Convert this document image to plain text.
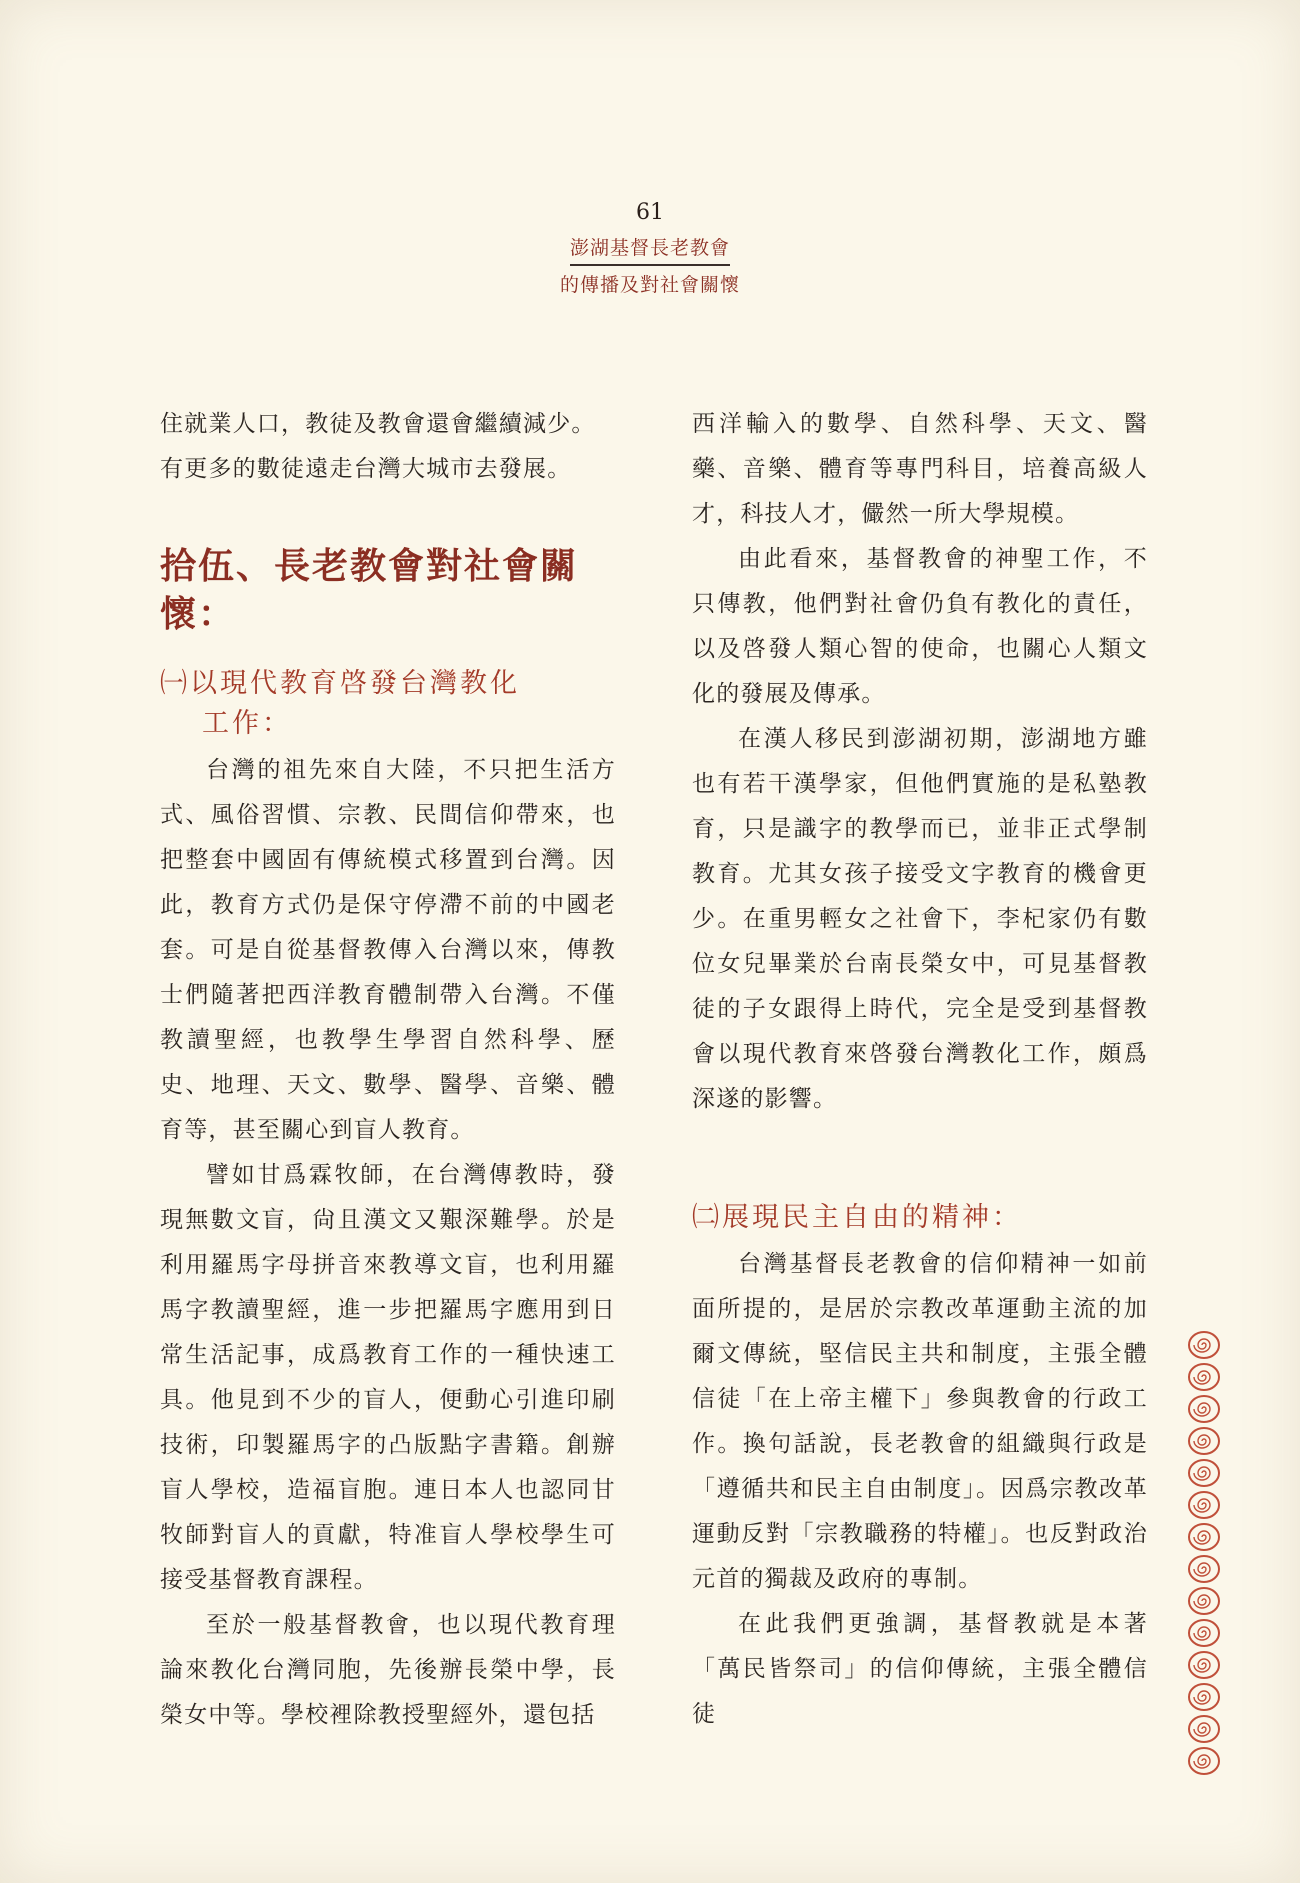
61
澎湖基督長老教會
的傳播及對社會關懷

住就業人口，教徒及教會還會繼續減少。

有更多的數徒遠走台灣大城市去發展。

拾伍、長老教會對社會關懷：
㈠以現代教育啓發台灣教化
工作：

台灣的祖先來自大陸，不只把生活方式、風俗習慣、宗教、民間信仰帶來，也把整套中國固有傳統模式移置到台灣。因此，教育方式仍是保守停滯不前的中國老套。可是自從基督教傳入台灣以來，傳教士們隨著把西洋教育體制帶入台灣。不僅教讀聖經，也教學生學習自然科學、歷史、地理、天文、數學、醫學、音樂、體育等，甚至關心到盲人教育。

譬如甘爲霖牧師，在台灣傳教時，發現無數文盲，尙且漢文又艱深難學。於是利用羅馬字母拼音來教導文盲，也利用羅馬字教讀聖經，進一步把羅馬字應用到日常生活記事，成爲教育工作的一種快速工具。他見到不少的盲人，便動心引進印刷技術，印製羅馬字的凸版點字書籍。創辦盲人學校，造福盲胞。連日本人也認同甘牧師對盲人的貢獻，特准盲人學校學生可接受基督教育課程。

至於一般基督教會，也以現代教育理論來教化台灣同胞，先後辦長榮中學，長榮女中等。學校裡除教授聖經外，還包括

西洋輸入的數學、自然科學、天文、醫藥、音樂、體育等專門科目，培養高級人才，科技人才，儼然一所大學規模。

由此看來，基督教會的神聖工作，不只傳教，他們對社會仍負有教化的責任，以及啓發人類心智的使命，也關心人類文化的發展及傳承。

在漢人移民到澎湖初期，澎湖地方雖也有若干漢學家，但他們實施的是私塾教育，只是識字的教學而已，並非正式學制教育。尤其女孩子接受文字教育的機會更少。在重男輕女之社會下，李杞家仍有數位女兒畢業於台南長榮女中，可見基督教徒的子女跟得上時代，完全是受到基督教會以現代教育來啓發台灣教化工作，頗爲深遂的影響。

㈡展現民主自由的精神：

台灣基督長老教會的信仰精神一如前面所提的，是居於宗教改革運動主流的加爾文傳統，堅信民主共和制度，主張全體信徒「在上帝主權下」參與教會的行政工作。換句話說，長老教會的組織與行政是「遵循共和民主自由制度」。因爲宗教改革運動反對「宗教職務的特權」。也反對政治元首的獨裁及政府的專制。

在此我們更強調，基督教就是本著「萬民皆祭司」的信仰傳統，主張全體信徒
